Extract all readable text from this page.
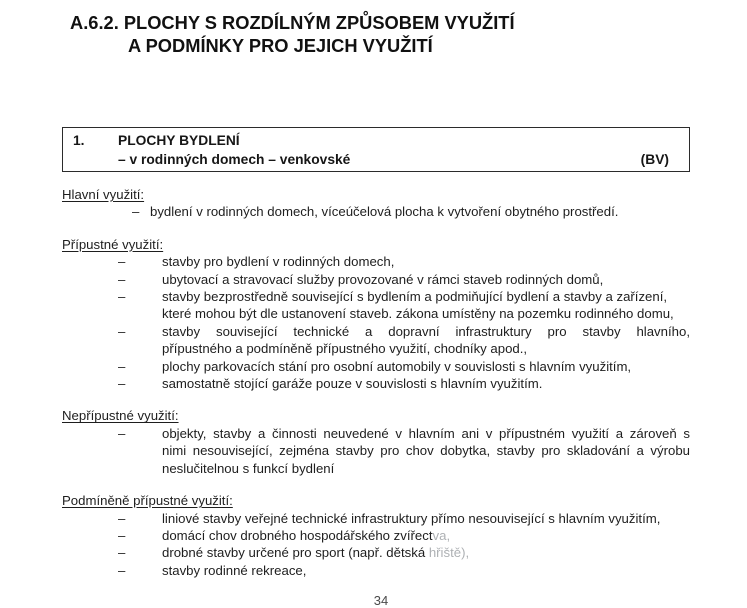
A.6.2. PLOCHY S ROZDÍLNÝM ZPŮSOBEM VYUŽITÍ
A PODMÍNKY PRO JEJICH VYUŽITÍ
1.	PLOCHY BYDLENÍ
– v rodinných domech – venkovské	(BV)
Hlavní využití:
– bydlení v rodinných domech, víceúčelová plocha k vytvoření obytného prostředí.
Přípustné využití:
–	stavby pro bydlení v rodinných domech,
–	ubytovací a stravovací služby provozované v rámci staveb rodinných domů,
–	stavby bezprostředně související s bydlením a podmiňující bydlení a stavby a zařízení,
které mohou být dle ustanovení staveb. zákona umístěny na pozemku rodinného domu,
–	stavby související technické a dopravní infrastruktury pro stavby hlavního,
přípustného a podmíněně přípustného využití, chodníky apod.,
–	plochy parkovacích stání pro osobní automobily v souvislosti s hlavním využitím,
–	samostatně stojící garáže pouze v souvislosti s hlavním využitím.
Nepřípustné využití:
–	objekty, stavby a činnosti neuvedené v hlavním ani v přípustném využití a zároveň s
nimi nesouvisející, zejména stavby pro chov dobytka, stavby pro skladování a výrobu
neslučitelnou s funkcí bydlení
Podmíněně přípustné využití:
–	liniové stavby veřejné technické infrastruktury přímo nesouvisející s hlavním využitím,
–	domácí chov drobného hospodářského zvířectva,
–	drobné stavby určené pro sport (např. dětská hřiště),
–	stavby rodinné rekreace,
34
